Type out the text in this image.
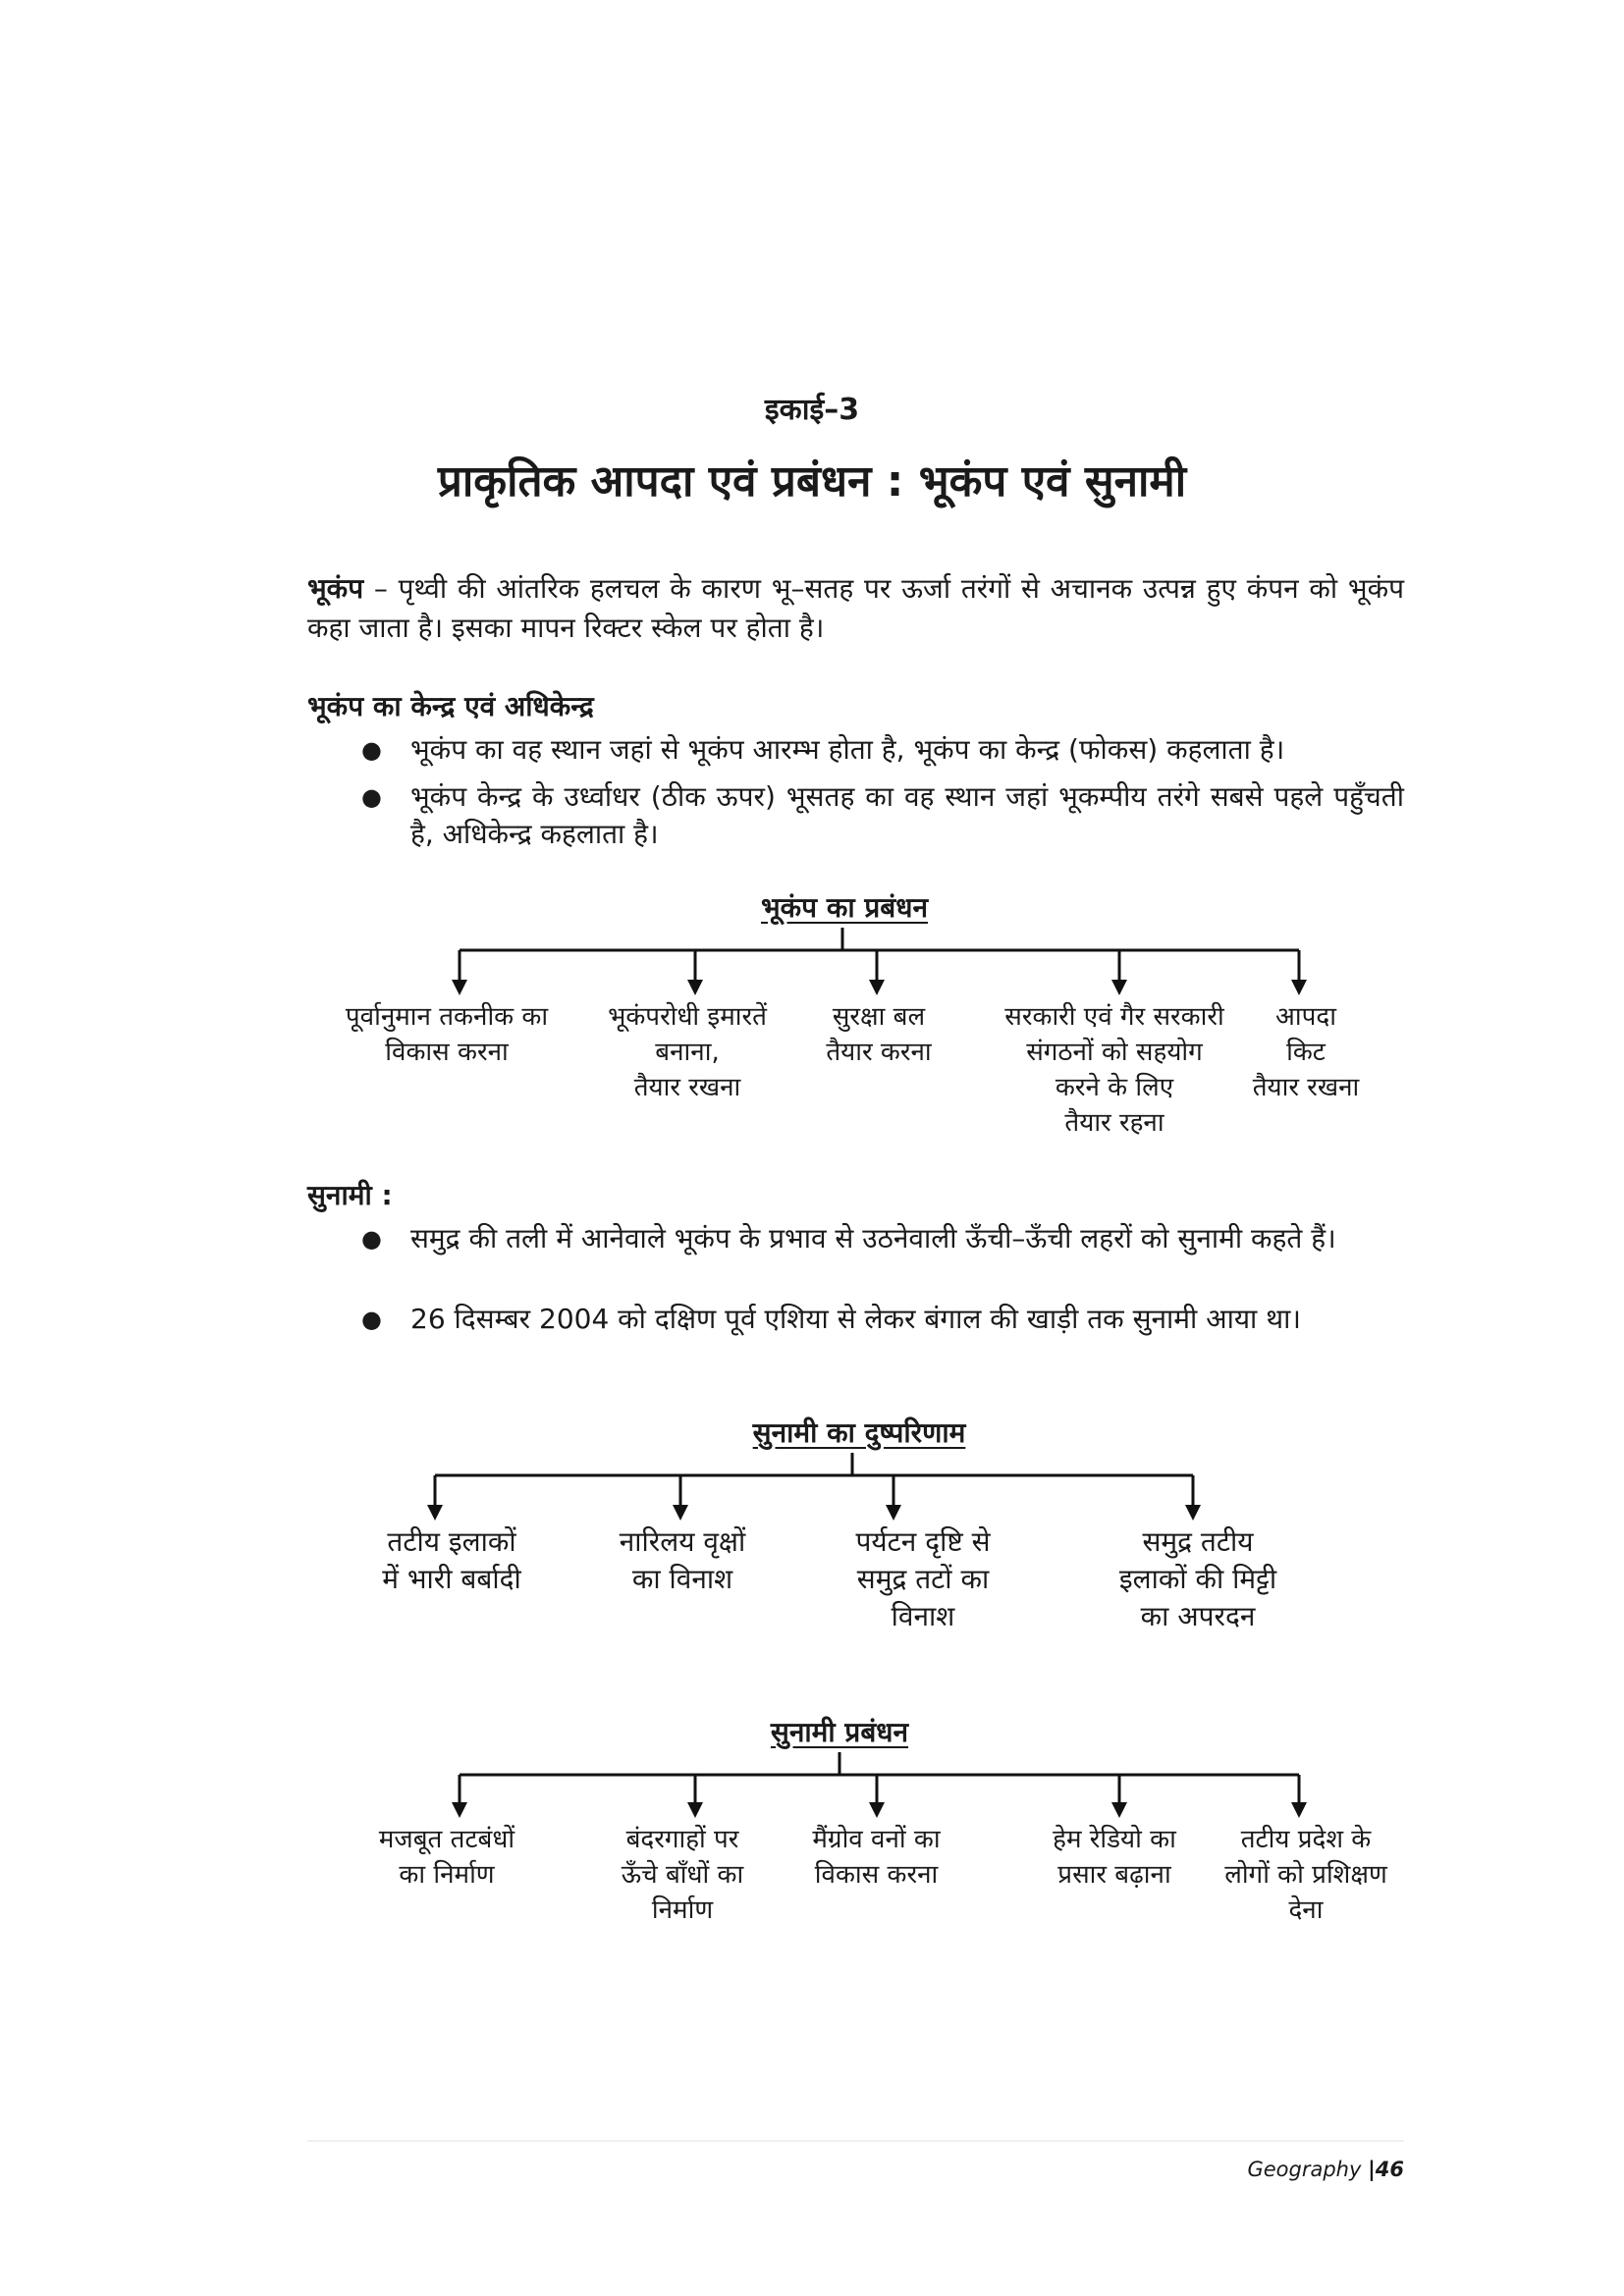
इकाई–3
प्राकृतिक आपदा एवं प्रबंधन : भूकंप एवं सुनामी
भूकंप – पृथ्वी की आंतरिक हलचल के कारण भू–सतह पर ऊर्जा तरंगों से अचानक उत्पन्न हुए कंपन को भूकंप कहा जाता है। इसका मापन रिक्टर स्केल पर होता है।
भूकंप का केन्द्र एवं अधिकेन्द्र
● भूकंप का वह स्थान जहां से भूकंप आरम्भ होता है, भूकंप का केन्द्र (फोकस) कहलाता है।
● भूकंप केन्द्र के उर्ध्वाधर (ठीक ऊपर) भूसतह का वह स्थान जहां भूकम्पीय तरंगे सबसे पहले पहुँचती है, अधिकेन्द्र कहलाता है।
भूकंप का प्रबंधन
पूर्वानुमान तकनीक का
विकास करना
भूकंपरोधी इमारतें
बनाना,
तैयार रखना
सुरक्षा बल
तैयार करना
सरकारी एवं गैर सरकारी
संगठनों को सहयोग
करने के लिए
तैयार रहना
आपदा
किट
तैयार रखना
सुनामी :
● समुद्र की तली में आनेवाले भूकंप के प्रभाव से उठनेवाली ऊँची–ऊँची लहरों को सुनामी कहते हैं।
● 26 दिसम्बर 2004 को दक्षिण पूर्व एशिया से लेकर बंगाल की खाड़ी तक सुनामी आया था।
सुनामी का दुष्परिणाम
तटीय इलाकों
में भारी बर्बादी
नारिलय वृक्षों
का विनाश
पर्यटन दृष्टि से
समुद्र तटों का
विनाश
समुद्र तटीय
इलाकों की मिट्टी
का अपरदन
सुनामी प्रबंधन
मजबूत तटबंधों
का निर्माण
बंदरगाहों पर
ऊँचे बाँधों का
निर्माण
मैंग्रोव वनों का
विकास करना
हेम रेडियो का
प्रसार बढ़ाना
तटीय प्रदेश के
लोगों को प्रशिक्षण
देना
Geography |46
